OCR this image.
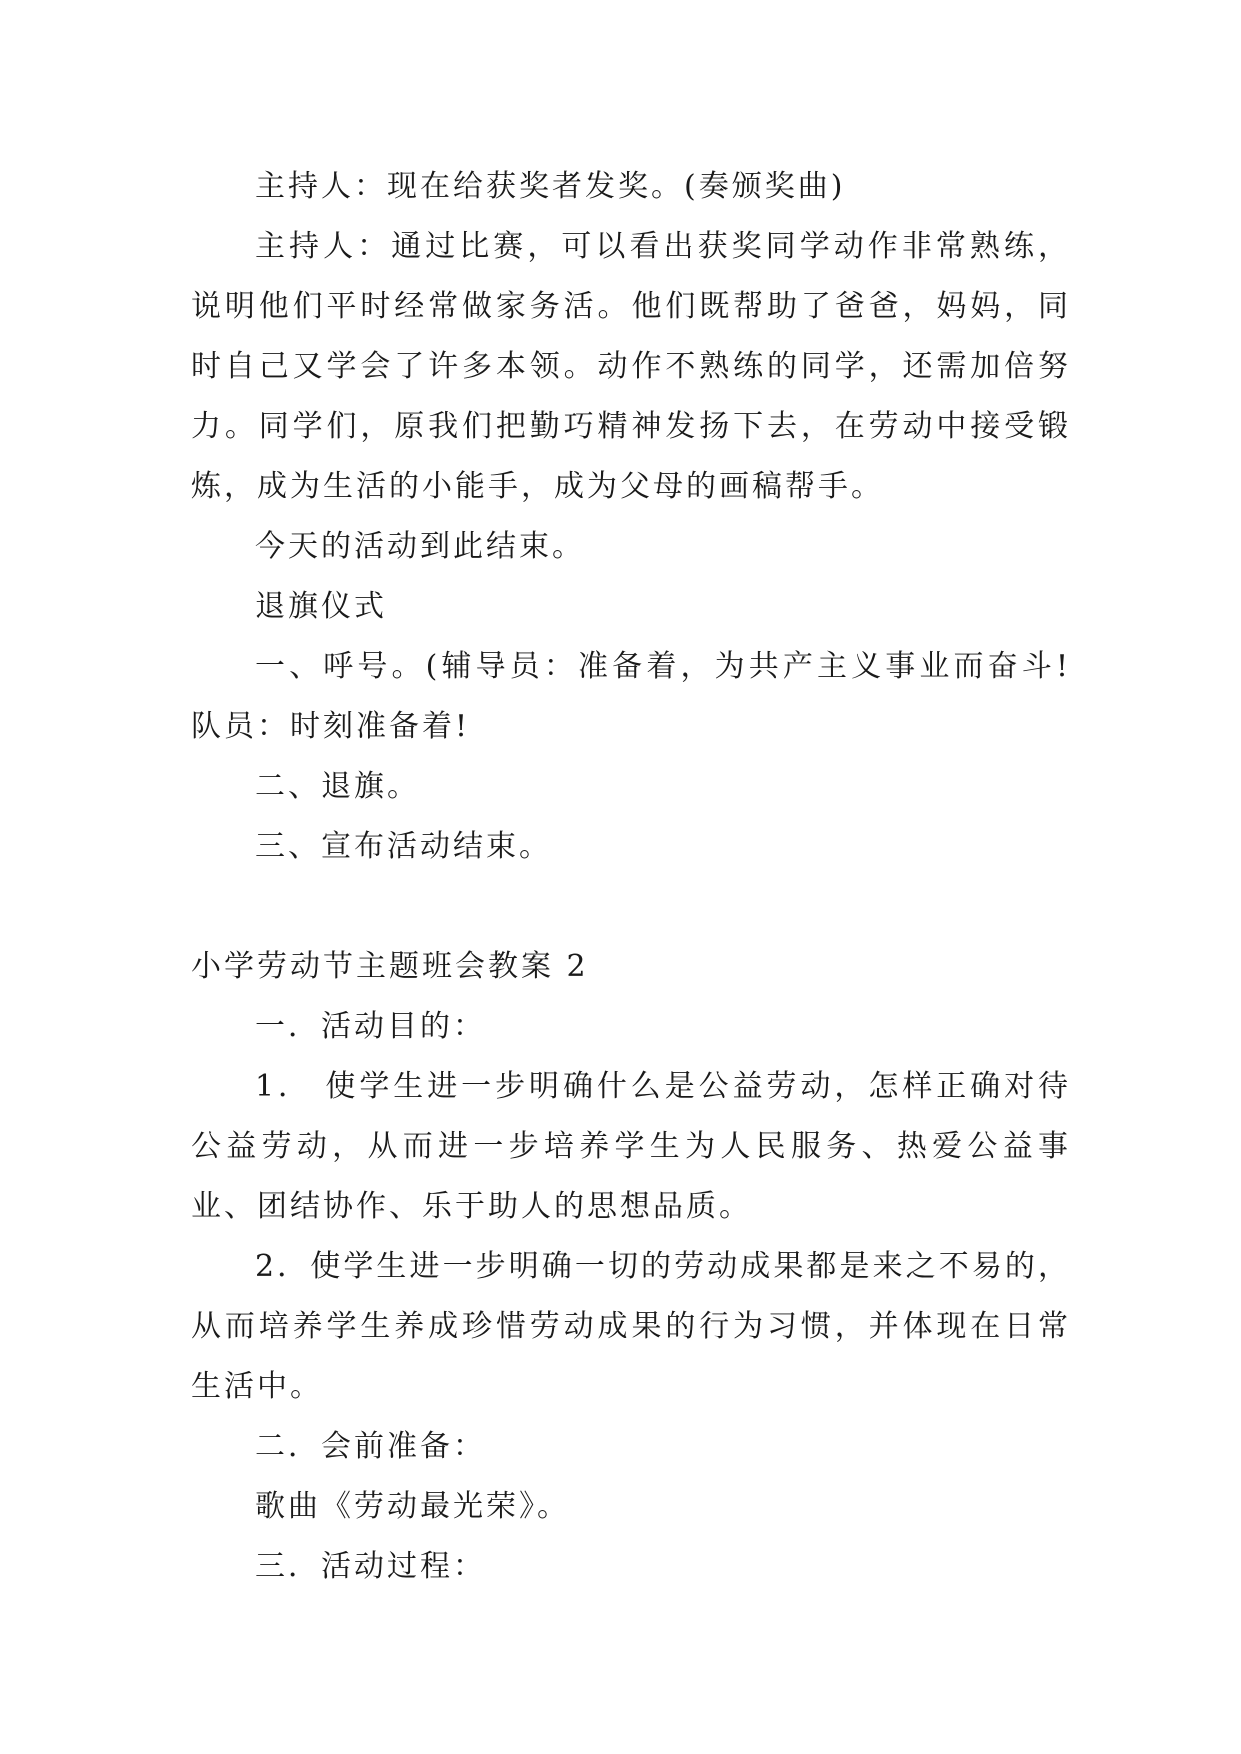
主持人：现在给获奖者发奖。(奏颁奖曲)

主持人：通过比赛，可以看出获奖同学动作非常熟练，说明他们平时经常做家务活。他们既帮助了爸爸，妈妈，同时自己又学会了许多本领。动作不熟练的同学，还需加倍努力。同学们，原我们把勤巧精神发扬下去，在劳动中接受锻炼，成为生活的小能手，成为父母的画稿帮手。

今天的活动到此结束。

退旗仪式

一、呼号。(辅导员：准备着，为共产主义事业而奋斗!队员：时刻准备着!

二、退旗。

三、宣布活动结束。

小学劳动节主题班会教案 2

一．活动目的：

1． 使学生进一步明确什么是公益劳动，怎样正确对待公益劳动，从而进一步培养学生为人民服务、热爱公益事业、团结协作、乐于助人的思想品质。

2．使学生进一步明确一切的劳动成果都是来之不易的，从而培养学生养成珍惜劳动成果的行为习惯，并体现在日常生活中。

二．会前准备：

歌曲《劳动最光荣》。

三．活动过程：
